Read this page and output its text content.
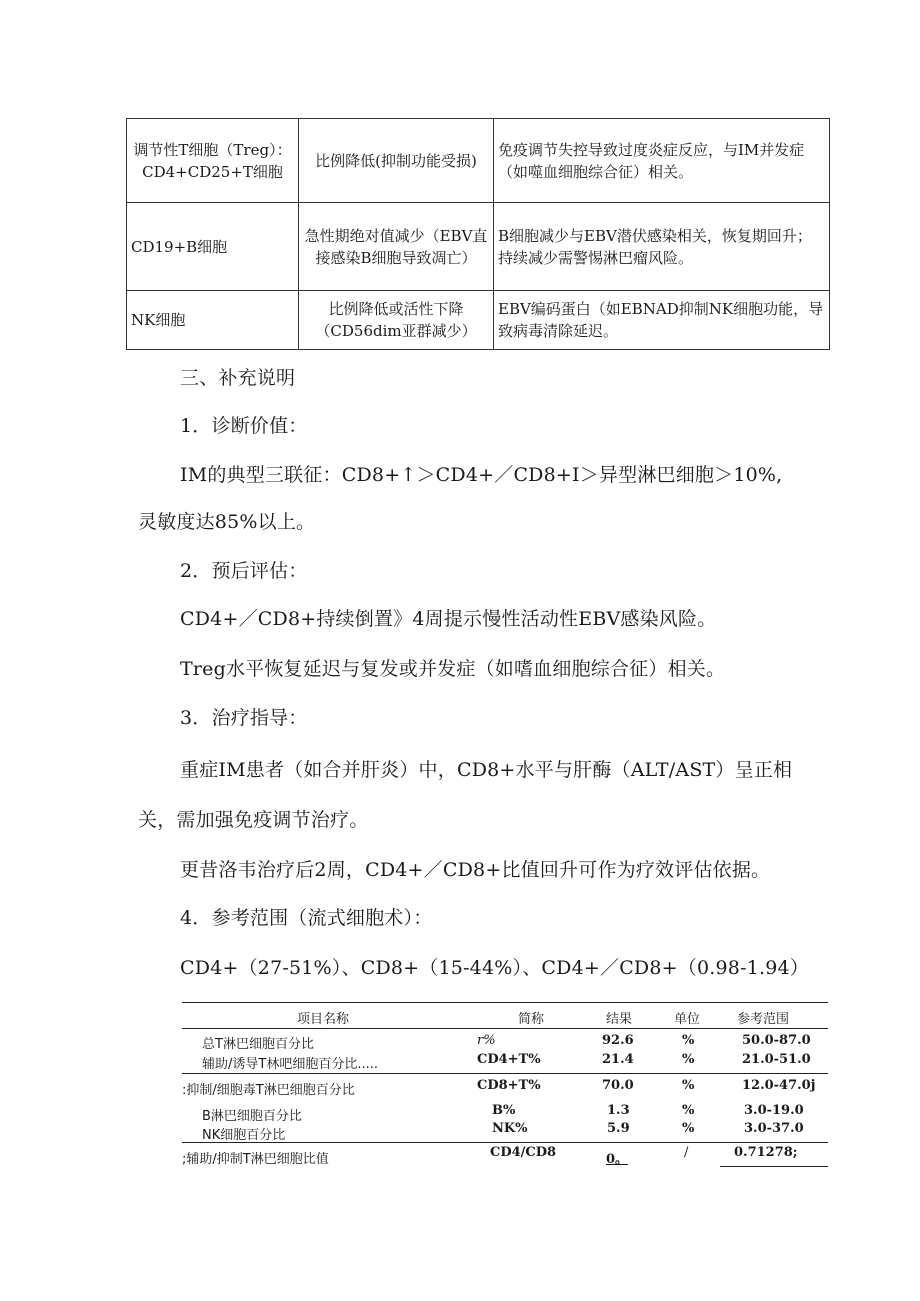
调节性T细胞（Treg）：CD4+CD25+T细胞	比例降低(抑制功能受损)	免疫调节失控导致过度炎症反应，与IM并发症（如噬血细胞综合征）相关。
CD19+B细胞	急性期绝对值减少（EBV直接感染B细胞导致凋亡）	B细胞减少与EBV潜伏感染相关，恢复期回升；持续减少需警惕淋巴瘤风险。
NK细胞	比例降低或活性下降（CD56dim亚群减少）	EBV编码蛋白（如EBNAD抑制NK细胞功能，导致病毒清除延迟。
三、补充说明
1．诊断价值：
IM的典型三联征：CD8+↑＞CD4+／CD8+I＞异型淋巴细胞＞10%,
灵敏度达85%以上。
2．预后评估：
CD4+／CD8+持续倒置》4周提示慢性活动性EBV感染风险。
Treg水平恢复延迟与复发或并发症（如嗜血细胞综合征）相关。
3．治疗指导：
重症IM患者（如合并肝炎）中，CD8+水平与肝酶（ALT/AST）呈正相
关，需加强免疫调节治疗。
更昔洛韦治疗后2周，CD4+／CD8+比值回升可作为疗效评估依据。
4．参考范围（流式细胞术）：
CD4+（27-51%）、CD8+（15-44%）、CD4+／CD8+（0.98-1.94）
项目名称	简称	结果	单位	参考范围
总T淋巴细胞百分比	r%	92.6	%	50.0-87.0
辅助/诱导T林吧细胞百分比.....	CD4+T%	21.4	%	21.0-51.0
:抑制/细胞毒T淋巴细胞百分比	CD8+T%	70.0	%	12.0-47.0j
B淋巴细胞百分比	B%	1.3	%	3.0-19.0
NK细胞百分比	NK%	5.9	%	3.0-37.0
;辅助/抑制T淋巴细胞比值	CD4/CD8	0。	/	0.71278;
